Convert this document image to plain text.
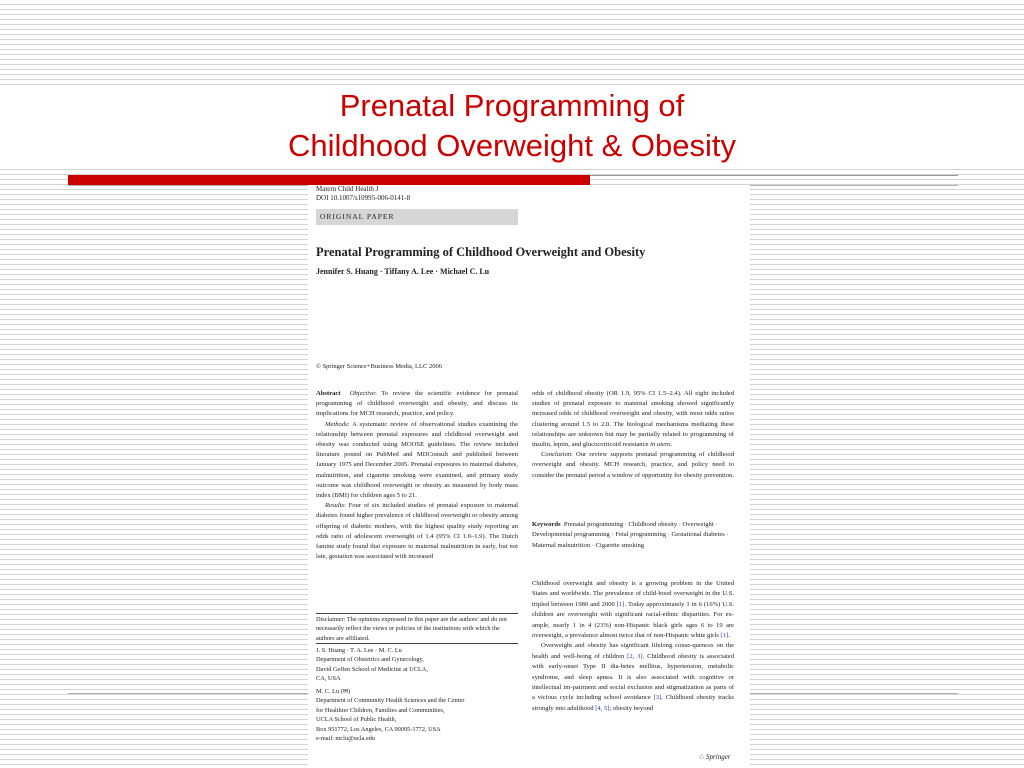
Prenatal Programming of
Childhood Overweight & Obesity
Matern Child Health J
DOI 10.1007/s10995-006-0141-8
ORIGINAL PAPER
Prenatal Programming of Childhood Overweight and Obesity
Jennifer S. Huang · Tiffany A. Lee · Michael C. Lu
© Springer Science+Business Media, LLC 2006

Abstract Objective: To review the scientific evidence for prenatal programming of childhood overweight and obesity, and discuss its implications for MCH research, practice, and policy.

Methods: A systematic review of observational studies examining the relationship between prenatal exposures and childhood overweight and obesity was conducted using MOOSE guidelines. The review included literature posted on PubMed and MDConsult and published between January 1975 and December 2005. Prenatal exposures to maternal diabetes, malnutrition, and cigarette smoking were examined, and primary study outcome was childhood overweight or obesity as measured by body mass index (BMI) for children ages 5 to 21.

Results: Four of six included studies of prenatal exposure to maternal diabetes found higher prevalence of childhood overweight or obesity among offspring of diabetic mothers, with the highest quality study reporting an odds ratio of adolescent overweight of 1.4 (95% CI 1.0–1.9). The Dutch famine study found that exposure to maternal malnutrition in early, but not late, gestation was associated with increased

odds of childhood obesity (OR 1.9, 95% CI 1.5–2.4). All eight included studies of prenatal exposure to maternal smoking showed significantly increased odds of childhood overweight and obesity, with most odds ratios clustering around 1.5 to 2.0. The biological mechanisms mediating these relationships are unknown but may be partially related to programming of insulin, leptin, and glucocorticoid resistance in utero.

Conclusion: Our review supports prenatal programming of childhood overweight and obesity. MCH research, practice, and policy need to consider the prenatal period a window of opportunity for obesity prevention.

Keywords Prenatal programming · Childhood obesity · Overweight · Developmental programming · Fetal programming · Gestational diabetes · Maternal malnutrition · Cigarette smoking

Childhood overweight and obesity is a growing problem in the United States and worldwide. The prevalence of child-hood overweight in the U.S. tripled between 1980 and 2000 [1]. Today approximately 1 in 6 (16%) U.S. children are overweight with significant racial-ethnic disparities. For ex-ample, nearly 1 in 4 (23%) non-Hispanic black girls ages 6 to 19 are overweight, a prevalence almost twice that of non-Hispanic white girls [1].

Overweight and obesity has significant lifelong conse-quences on the health and well-being of children [2, 3]. Childhood obesity is associated with early-onset Type II dia-betes mellitus, hypertension, metabolic syndrome, and sleep apnea. It is also associated with cognitive or intellectual im-pairment and social exclusion and stigmatization as parts of a vicious cycle including school avoidance [3]. Childhood obesity tracks strongly into adulthood [4, 5]; obesity beyond

Disclaimer: The opinions expressed in this paper are the authors' and do not necessarily reflect the views or policies of the institutions with which the authors are affiliated.
J. S. Huang · T. A. Lee · M. C. Lu
Department of Obstetrics and Gynecology,
David Geffen School of Medicine at UCLA,
CA, USA
M. C. Lu (✉)
Department of Community Health Sciences and the Center
for Healthier Children, Families and Communities,
UCLA School of Public Health,
Box 951772, Los Angeles, CA 90095-1772, USA
e-mail: mclu@ucla.edu
♘ Springer
